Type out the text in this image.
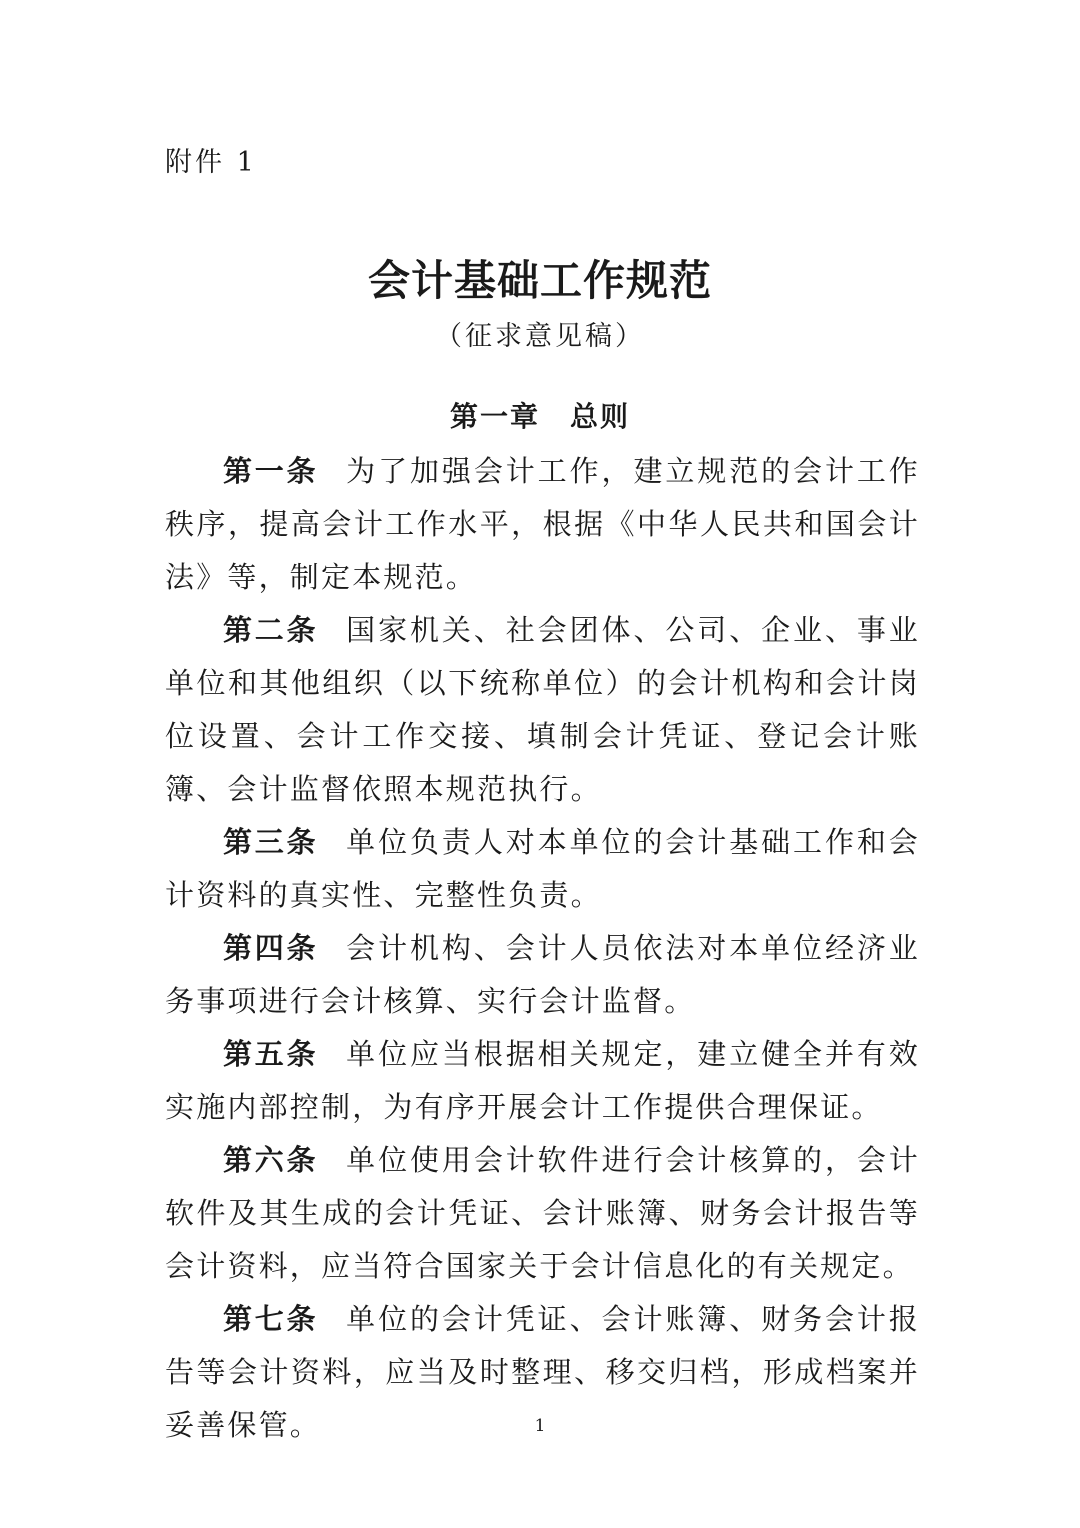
附件 1
会计基础工作规范
（征求意见稿）
第一章 总则

第一条 为了加强会计工作，建立规范的会计工作秩序，提高会计工作水平，根据《中华人民共和国会计法》等，制定本规范。

第二条 国家机关、社会团体、公司、企业、事业单位和其他组织（以下统称单位）的会计机构和会计岗位设置、会计工作交接、填制会计凭证、登记会计账簿、会计监督依照本规范执行。

第三条 单位负责人对本单位的会计基础工作和会计资料的真实性、完整性负责。

第四条 会计机构、会计人员依法对本单位经济业务事项进行会计核算、实行会计监督。

第五条 单位应当根据相关规定，建立健全并有效实施内部控制，为有序开展会计工作提供合理保证。

第六条 单位使用会计软件进行会计核算的，会计软件及其生成的会计凭证、会计账簿、财务会计报告等会计资料，应当符合国家关于会计信息化的有关规定。

第七条 单位的会计凭证、会计账簿、财务会计报告等会计资料，应当及时整理、移交归档，形成档案并妥善保管。	1
